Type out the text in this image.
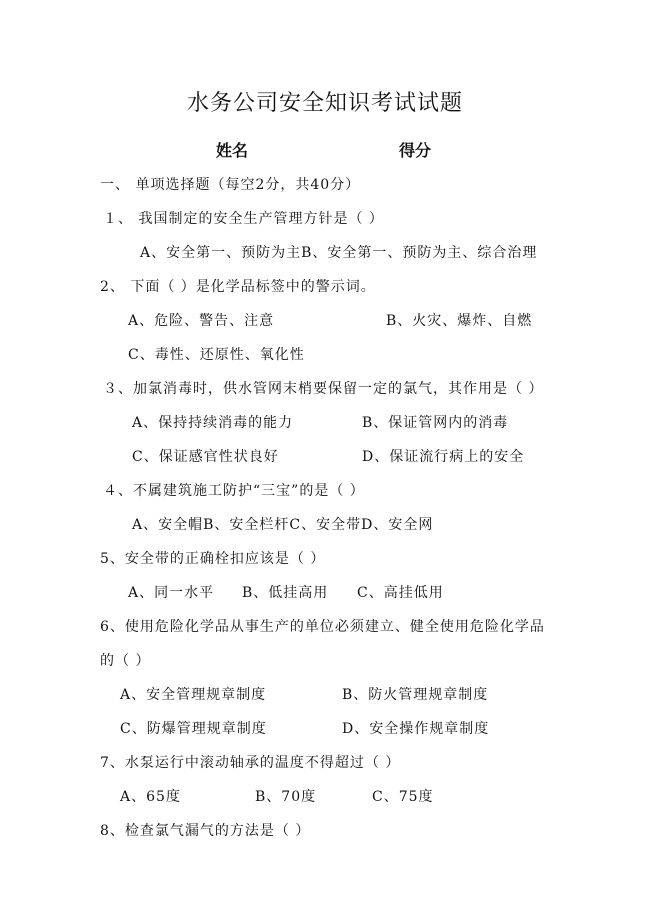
水务公司安全知识考试试题
姓名	得分
一、 单项选择题（每空2分，共40分）
１、 我国制定的安全生产管理方针是（ ）
A、安全第一、预防为主B、安全第一、预防为主、综合治理
2、 下面（ ）是化学品标签中的警示词。
A、危险、警告、注意	B、火灾、爆炸、自燃
C、毒性、还原性、氧化性
３、加氯消毒时，供水管网末梢要保留一定的氯气，其作用是（ ）
A、保持持续消毒的能力	B、保证管网内的消毒
C、保证感官性状良好	D、保证流行病上的安全
４、不属建筑施工防护“三宝”的是（ ）
A、安全帽B、安全栏杆C、安全带D、安全网
5、安全带的正确栓扣应该是（ ）
A、同一水平 B、低挂高用 C、高挂低用
6、使用危险化学品从事生产的单位必须建立、健全使用危险化学品
的（ ）
A、安全管理规章制度	B、防火管理规章制度
C、防爆管理规章制度	D、安全操作规章制度
7、水泵运行中滚动轴承的温度不得超过（ ）
A、65度	B、70度	C、75度
8、检查氯气漏气的方法是（ ）
